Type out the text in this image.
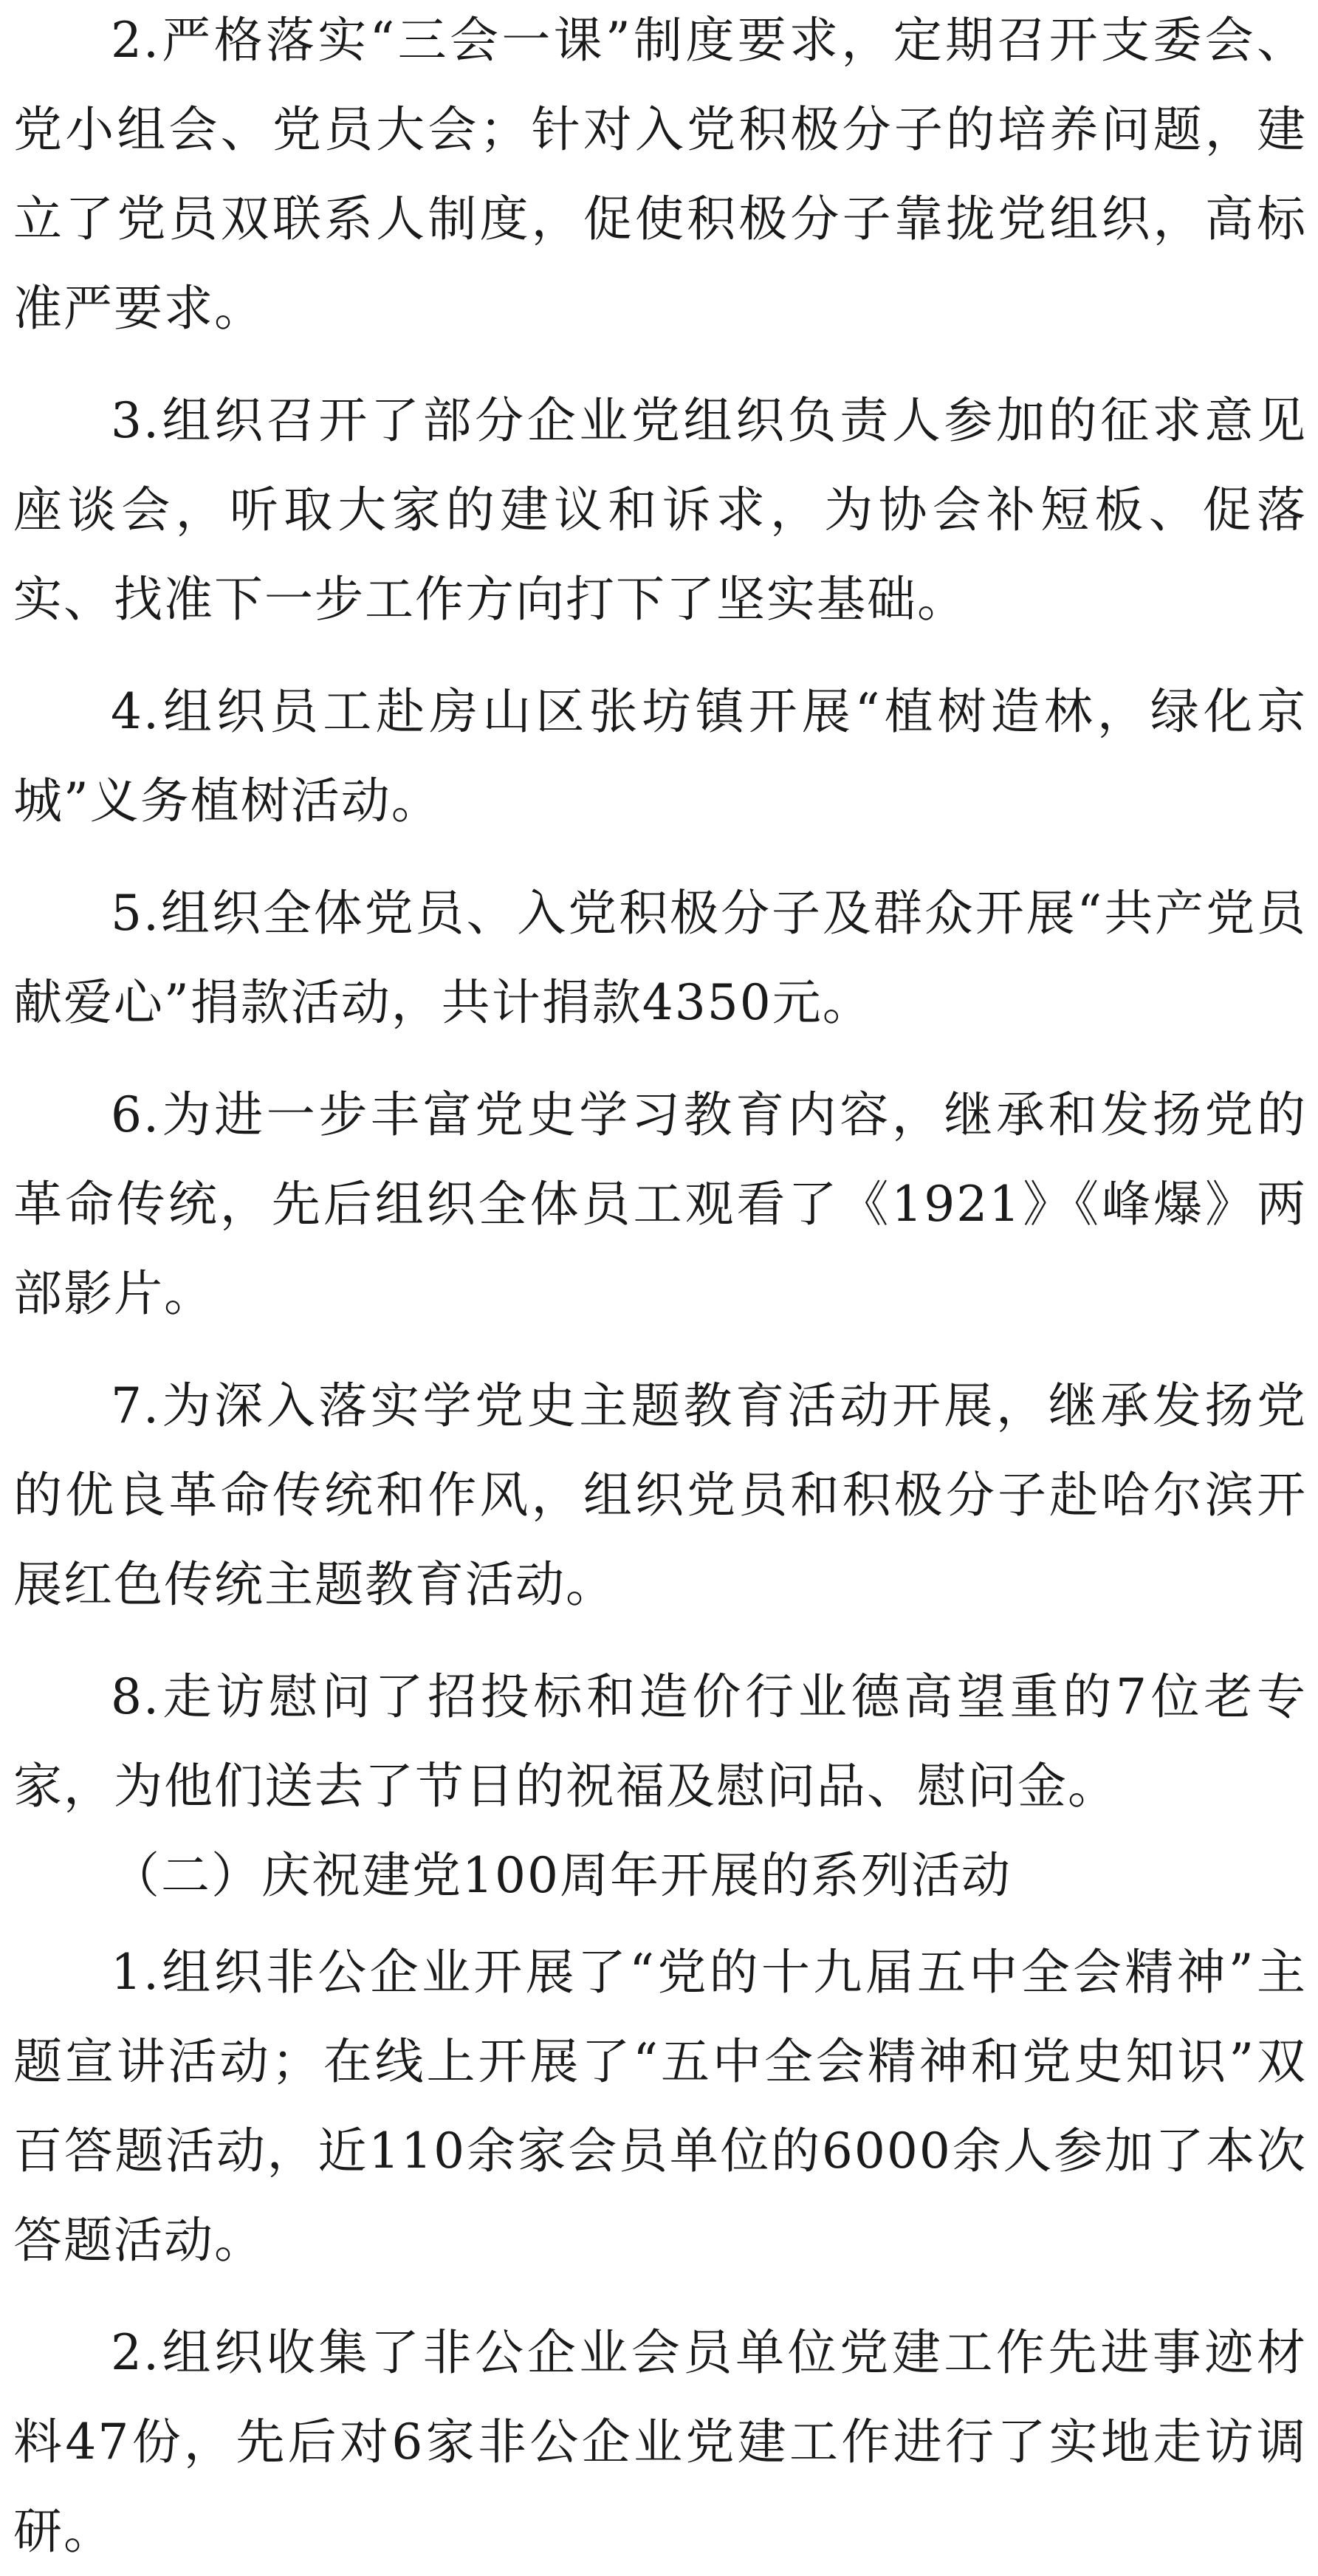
2.严格落实“三会一课”制度要求，定期召开支委会、党小组会、党员大会；针对入党积极分子的培养问题，建立了党员双联系人制度，促使积极分子靠拢党组织，高标准严要求。

3.组织召开了部分企业党组织负责人参加的征求意见座谈会，听取大家的建议和诉求，为协会补短板、促落实、找准下一步工作方向打下了坚实基础。

4.组织员工赴房山区张坊镇开展“植树造林，绿化京城”义务植树活动。

5.组织全体党员、入党积极分子及群众开展“共产党员献爱心”捐款活动，共计捐款4350元。

6.为进一步丰富党史学习教育内容，继承和发扬党的革命传统，先后组织全体员工观看了《1921》《峰爆》两部影片。

7.为深入落实学党史主题教育活动开展，继承发扬党的优良革命传统和作风，组织党员和积极分子赴哈尔滨开展红色传统主题教育活动。

8.走访慰问了招投标和造价行业德高望重的7位老专家，为他们送去了节日的祝福及慰问品、慰问金。

（二）庆祝建党100周年开展的系列活动

1.组织非公企业开展了“党的十九届五中全会精神”主题宣讲活动；在线上开展了“五中全会精神和党史知识”双百答题活动，近110余家会员单位的6000余人参加了本次答题活动。

2.组织收集了非公企业会员单位党建工作先进事迹材料47份，先后对6家非公企业党建工作进行了实地走访调研。
